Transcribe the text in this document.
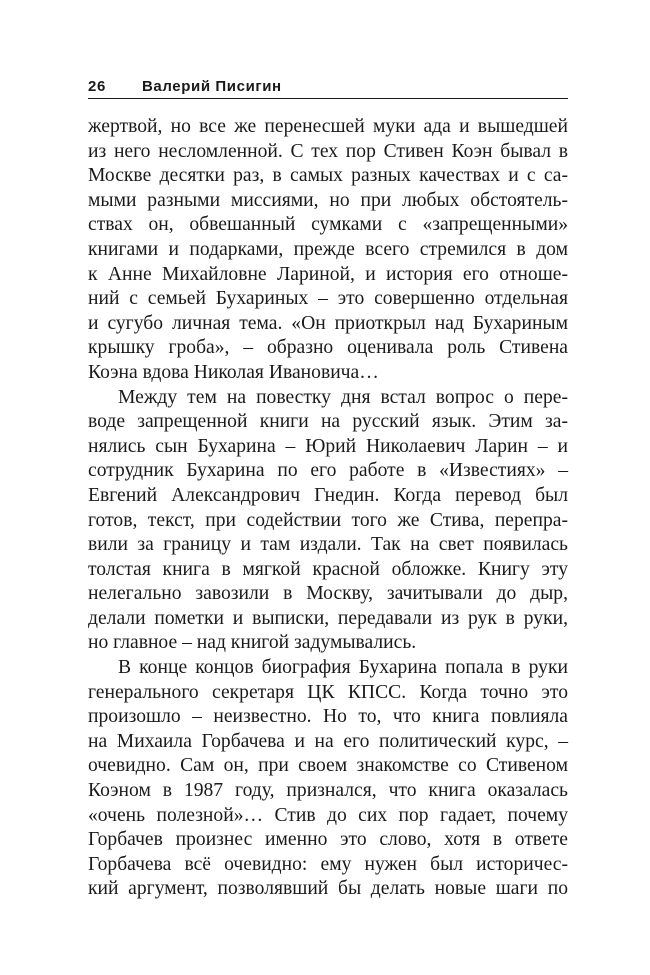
26	Валерий Писигин
жертвой, но все же перенесшей муки ада и вышедшей
из него несломленной. С тех пор Стивен Коэн бывал в
Москве десятки раз, в самых разных качествах и с са-
мыми разными миссиями, но при любых обстоятель-
ствах он, обвешанный сумками с «запрещенными»
книгами и подарками, прежде всего стремился в дом
к Анне Михайловне Лариной, и история его отноше-
ний с семьей Бухариных – это совершенно отдельная
и сугубо личная тема. «Он приоткрыл над Бухариным
крышку гроба», – образно оценивала роль Стивена
Коэна вдова Николая Ивановича…
Между тем на повестку дня встал вопрос о пере-
воде запрещенной книги на русский язык. Этим за-
нялись сын Бухарина – Юрий Николаевич Ларин – и
сотрудник Бухарина по его работе в «Известиях» –
Евгений Александрович Гнедин. Когда перевод был
готов, текст, при содействии того же Стива, перепра-
вили за границу и там издали. Так на свет появилась
толстая книга в мягкой красной обложке. Книгу эту
нелегально завозили в Москву, зачитывали до дыр,
делали пометки и выписки, передавали из рук в руки,
но главное – над книгой задумывались.
В конце концов биография Бухарина попала в руки
генерального секретаря ЦК КПСС. Когда точно это
произошло – неизвестно. Но то, что книга повлияла
на Михаила Горбачева и на его политический курс, –
очевидно. Сам он, при своем знакомстве со Стивеном
Коэном в 1987 году, признался, что книга оказалась
«очень полезной»… Стив до сих пор гадает, почему
Горбачев произнес именно это слово, хотя в ответе
Горбачева всё очевидно: ему нужен был историчес-
кий аргумент, позволявший бы делать новые шаги по
